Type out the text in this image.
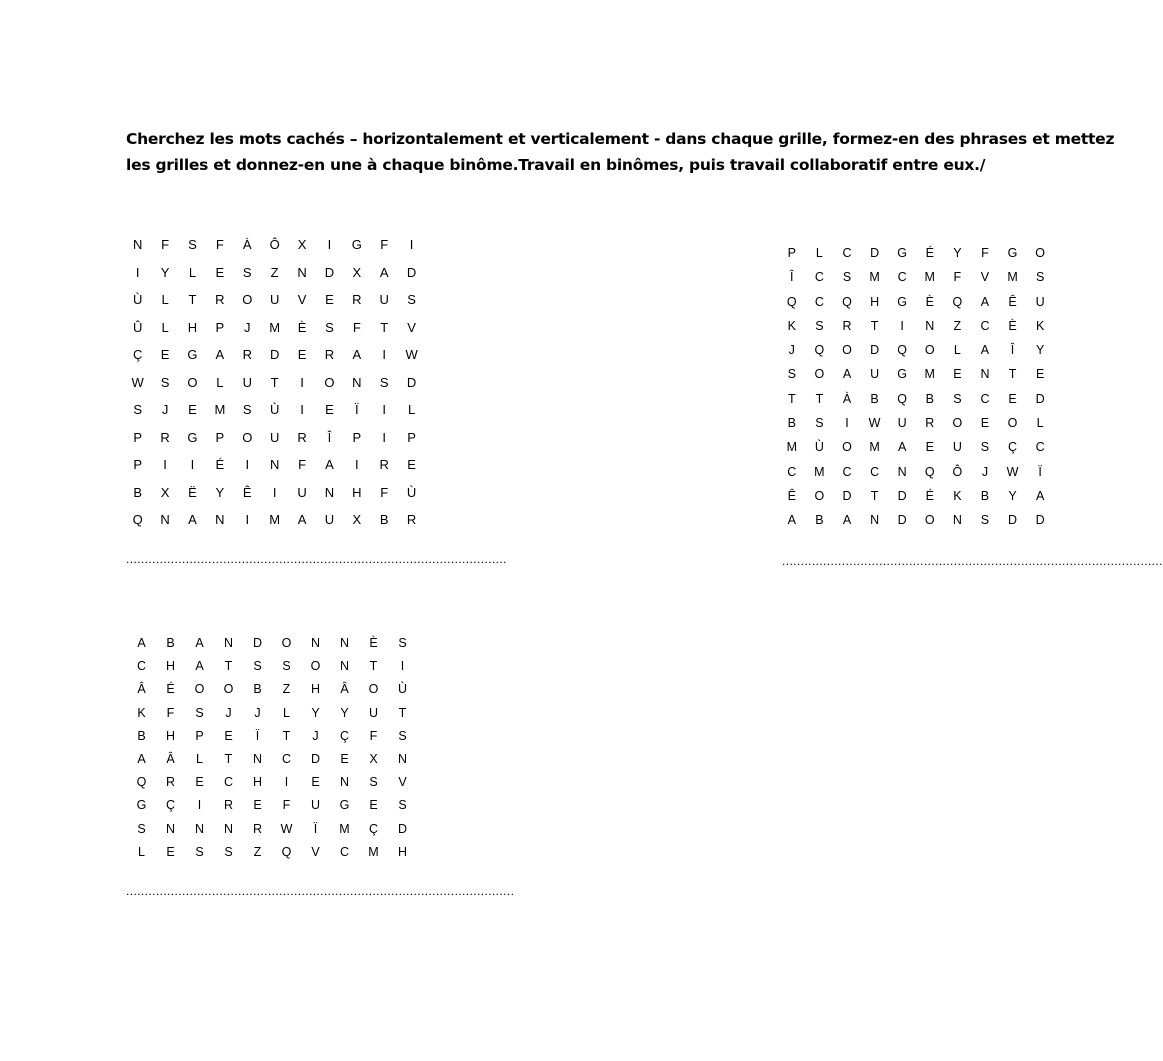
Cherchez les mots cachés – horizontalement et verticalement - dans chaque grille, formez-en des phrases et mettez
les grilles et donnez-en une à chaque binôme.Travail en binômes, puis travail collaboratif entre eux./
N	F	S	F	À	Ô	X	I	G	F	I
I	Y	L	E	S	Z	N	D	X	A	D
Ù	L	T	R	O	U	V	E	R	U	S
Û	L	H	P	J	M	È	S	F	T	V
Ç	E	G	A	R	D	E	R	A	I	W
W	S	O	L	U	T	I	O	N	S	D
S	J	E	M	S	Ù	I	E	Ï	I	L
P	R	G	P	O	U	R	Î	P	I	P
P	I	I	É	I	N	F	A	I	R	E
B	X	Ë	Y	Ê	I	U	N	H	F	Ù
Q	N	A	N	I	M	A	U	X	B	R
......................................................................................................
P	L	C	D	G	É	Y	F	G	O
Î	C	S	M	C	M	F	V	M	S
Q	C	Q	H	G	È	Q	A	Ê	U
K	S	R	T	I	N	Z	C	È	K
J	Q	O	D	Q	O	L	A	Î	Y
S	O	A	U	G	M	E	N	T	E
T	T	À	B	Q	B	S	C	E	D
B	S	I	W	U	R	O	E	O	L
M	Ù	O	M	A	E	U	S	Ç	C
C	M	C	C	N	Q	Ô	J	W	Ï
Ê	O	D	T	D	É	K	B	Y	A
A	B	A	N	D	O	N	S	D	D
......................................................................................................
A	B	A	N	D	O	N	N	È	S
C	H	A	T	S	S	O	N	T	I
Â	É	O	O	B	Z	H	Â	O	Ù
K	F	S	J	J	L	Y	Y	U	T
B	H	P	E	Ï	T	J	Ç	F	S
A	Â	L	T	N	C	D	E	X	N
Q	R	E	C	H	I	E	N	S	V
G	Ç	I	R	E	F	U	G	E	S
S	N	N	N	R	W	Ï	M	Ç	D
L	E	S	S	Z	Q	V	C	M	H
........................................................................................................
